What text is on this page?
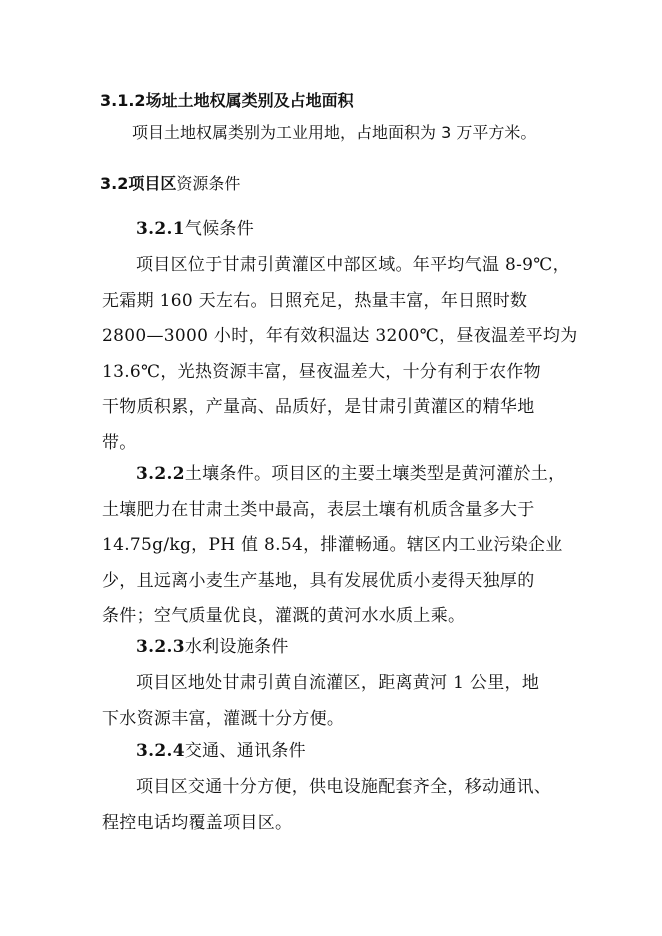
3.1.2场址土地权属类别及占地面积
项目土地权属类别为工业用地，占地面积为 3 万平方米。
3.2项目区资源条件
3.2.1气候条件
项目区位于甘肃引黄灌区中部区域。年平均气温 8-9℃，
无霜期 160 天左右。日照充足，热量丰富，年日照时数
2800—3000 小时，年有效积温达 3200℃，昼夜温差平均为
13.6℃，光热资源丰富，昼夜温差大，十分有利于农作物
干物质积累，产量高、品质好，是甘肃引黄灌区的精华地
带。
3.2.2土壤条件。项目区的主要土壤类型是黄河灌於土，
土壤肥力在甘肃土类中最高，表层土壤有机质含量多大于
14.75g/kg，PH 值 8.54，排灌畅通。辖区内工业污染企业
少，且远离小麦生产基地，具有发展优质小麦得天独厚的
条件；空气质量优良，灌溉的黄河水水质上乘。
3.2.3水利设施条件
项目区地处甘肃引黄自流灌区，距离黄河 1 公里，地
下水资源丰富，灌溉十分方便。
3.2.4交通、通讯条件
项目区交通十分方便，供电设施配套齐全，移动通讯、
程控电话均覆盖项目区。
